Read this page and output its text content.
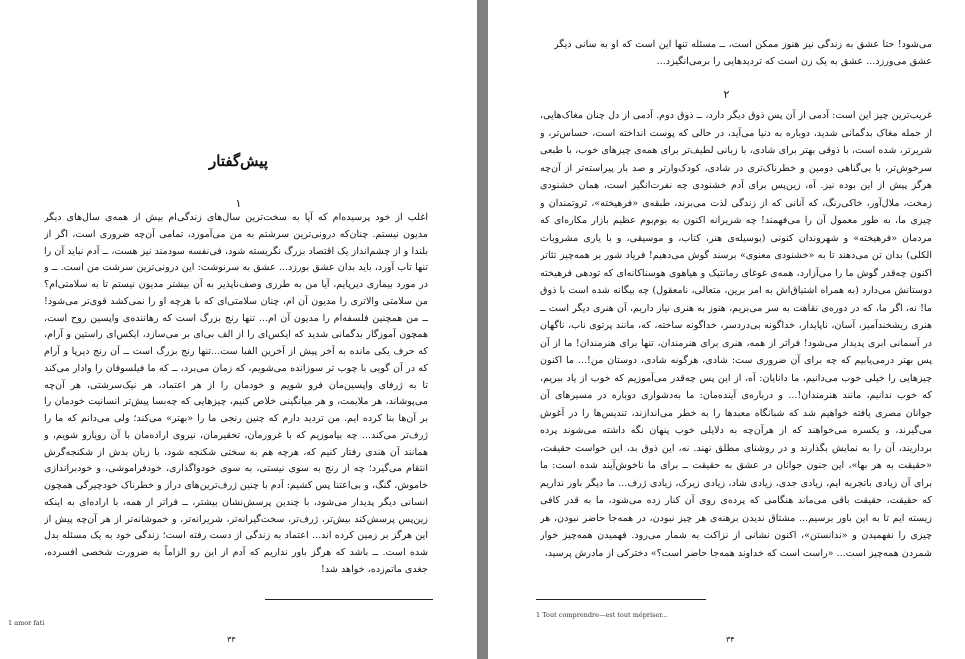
پیش‌گفتار
۱
اغلب از خود پرسیده‌ام که آیا به سخت‌ترین سال‌های زندگی‌ام بیش از همه‌ی سال‌های دیگر مدیون نیستم. چنان‌که درونی‌ترین سرشتم به من می‌آموزد، تمامی آن‌چه ضروری است، اگر از بلندا و از چشم‌انداز یک اقتصاد بزرگ نگریسته شود، فی‌نفسه سودمند نیز هست، ــ آدم نباید آن را تنها تاب آورد، باید بدان عشق بورزد... عشق به سرنوشت: این درونی‌ترین سرشت من است. ــ و در مورد بیماری دیرپایم، آیا من به طرزی وصف‌ناپذیر به آن بیشتر مدیون نیستم تا به سلامتی‌ام؟ من سلامتی والاتری را مدیون آن ام، چنان سلامتی‌ای که با هرچه او را نمی‌کشد قوی‌تر می‌شود! ــ من همچنین فلسفه‌ام را مدیون آن ام... تنها رنج بزرگ است که رهاننده‌ی واپسین روح است، همچون آموزگار بدگمانی شدید که ایکس‌ای را از الف بی‌ای بر می‌سازد، ایکس‌ای راستین و آرام، که حرف یکی مانده به آخر پیش از آخرین الفبا ست...تنها رنج بزرگ است ــ آن رنج دیرپا و آرام که در آن گویی با چوب تر سوزانده می‌شویم، که زمان می‌برد، ــ که ما فیلسوفان را وادار می‌کند تا به ژرفای واپسین‌مان فرو شویم و خودمان را از هر اعتماد، هر نیک‌سرشتی، هر آن‌چه می‌پوشاند، هر ملایمت، و هر میانگینی خلاص کنیم، چیزهایی که چه‌بسا پیش‌تر انسانیت خودمان را بر آن‌ها بنا کرده ایم. من تردید دارم که چنین رنجی ما را «بهتر» می‌کند؛ ولی می‌دانم که ما را ژرف‌تر می‌کند... چه بیاموزیم که با غرورمان، تحقیرمان، نیروی اراده‌مان با آن رویارو شویم، و همانند آن هندی رفتار کنیم که، هرچه هم به سختی شکنجه شود، با زبان بدش از شکنجه‌گرش انتقام می‌گیرد؛ چه از رنج به سوی نیستی، به سوی خودواگذاری، خودفراموشی، و خودبراندازی خاموش، گنگ، و بی‌اعتنا پس کشیم: آدم با چنین ژرف‌ترین‌های دراز و خطرناک خودچیرگی همچون انسانی دیگر پدیدار می‌شود، با چندین پرسش‌نشان بیشتر، ــ فراتر از همه، با اراده‌ای به اینکه زین‌پس پرسش‌کند بیش‌تر، ژرف‌تر، سخت‌گیرانه‌تر، شریرانه‌تر، و خموشانه‌تر از هر آن‌چه پیش از این هرگز بر زمین کرده اند... اعتماد به زندگی از دست رفته است؛ زندگی خود به یک مسئله بدل شده است. ــ باشد که هرگز باور نداریم که آدم از این رو الزاماً به ضرورت شخصی افسرده، جغدی ماتم‌زده، خواهد شد!
1 amor fati
۳۳
می‌شود! حتا عشق به زندگی نیز هنوز ممکن است، ــ مسئله تنها این است که او به سانی دیگر عشق می‌ورزد... عشق به یک زن است که تردیدهایی را برمی‌انگیزد...
۲
غریب‌ترین چیز این است: آدمی از آن پس ذوق دیگر دارد، ــ ذوق دوم. آدمی از دل چنان مغاک‌هایی، از جمله مغاک بدگمانی شدید، دوباره به دنیا می‌آید، در حالی که پوست انداخته است، حساس‌تر، و شریرتر، شده است، با ذوقی بهتر برای شادی، با زبانی لطیف‌تر برای همه‌ی چیزهای خوب، با طبعی سرخوش‌تر، با بی‌گناهی دومین و خطرناک‌تری در شادی، کودک‌وارتر و صد بار پیراسته‌تر از آن‌چه هرگز پیش از این بوده نیز. آه، زین‌پس برای آدم خشنودی چه نفرت‌انگیز است، همان خشنودی زمخت، ملال‌آور، خاکی‌رنگ، که آنانی که از زندگی لذت می‌برند، طبقه‌ی «فرهیخته»، ثروتمندان و چیزی ما، به طور معمول آن را می‌فهمند! چه شریرانه اکنون به بوم‌بوم عظیم بازار مکاره‌ای که مردمان «فرهیخته» و شهروندان کنونی (بوسیله‌ی هنر، کتاب، و موسیقی، و با یاری مشروبات الکلی) بدان تن می‌دهند تا به «خشنودی معنوی» برسند گوش می‌دهیم! فریاد شور بر همه‌چیز تئاتر اکنون چه‌قدر گوش ما را می‌آزارد، همه‌ی غوغای رمانتیک و هیاهوی هوسناکانه‌ای که تودهی فرهیخته دوستانش می‌دارد (به همراه اشتیاق‌اش به امر برین، متعالی، نامعقول) چه بیگانه شده است با ذوق ما! نه، اگر ما، که در دوره‌ی نقاهت به سر می‌بریم، هنوز به هنری نیاز داریم، آن هنری دیگر است ــ هنری ریشخندآمیز، آسان، ناپایدار، خداگونه بی‌دردسر، خداگونه ساخته، که، مانند پرتوی ناب، ناگهان در آسمانی ابری پدیدار می‌شود! فراتر از همه، هنری برای هنرمندان، تنها برای هنرمندان! ما از آن پس بهتر درمی‌یابیم که چه برای آن ضروری ست: شادی، هرگونه شادی، دوستان من!... ما اکنون چیزهایی را خیلی خوب می‌دانیم، ما دانایان: آه، از این پس چه‌قدر می‌آموزیم که خوب از یاد ببریم، که خوب ندانیم، مانند هنرمندان!... و درباره‌ی آینده‌مان: ما به‌دشواری دوباره در مسیرهای آن جوانان مصری یافته خواهیم شد که شبانگاه معبدها را به خطر می‌اندازند، تندیس‌ها را در آغوش می‌گیرند، و یکسره می‌خواهند که از هرآن‌چه به دلایلی خوب پنهان نگه داشته می‌شوند پرده برداریند، آن را به نمایش بگذارند و در روشنای مطلق نهند. نه، این ذوق بد، این خواست حقیقت، «حقیقت به هر بها»، این جنون جوانان در عشق به حقیقت ــ برای ما ناخوش‌آیند شده است: ما برای آن زیادی باتجربه ایم، زیادی جدی، زیادی شاد، زیادی زیرک، زیادی ژرف... ما دیگر باور نداریم که حقیقت، حقیقت باقی می‌ماند هنگامی که پرده‌ی روی آن کنار زده می‌شود، ما به قدر کافی زیسته ایم تا به این باور برسیم... مشتاق ندیدن برهنه‌ی هر چیز نبودن، در همه‌جا حاضر نبودن، هر چیزی را نفهمیدن و «ندانستن»، اکنون نشانی از نزاکت به شمار می‌رود. فهمیدن همه‌چیز خوار شمردن همه‌چیز است... «راست است که خداوند همه‌جا حاضر است؟» دخترکی از مادرش پرسید،
1 Tout comprendre—est tout mépriser...
۳۴
